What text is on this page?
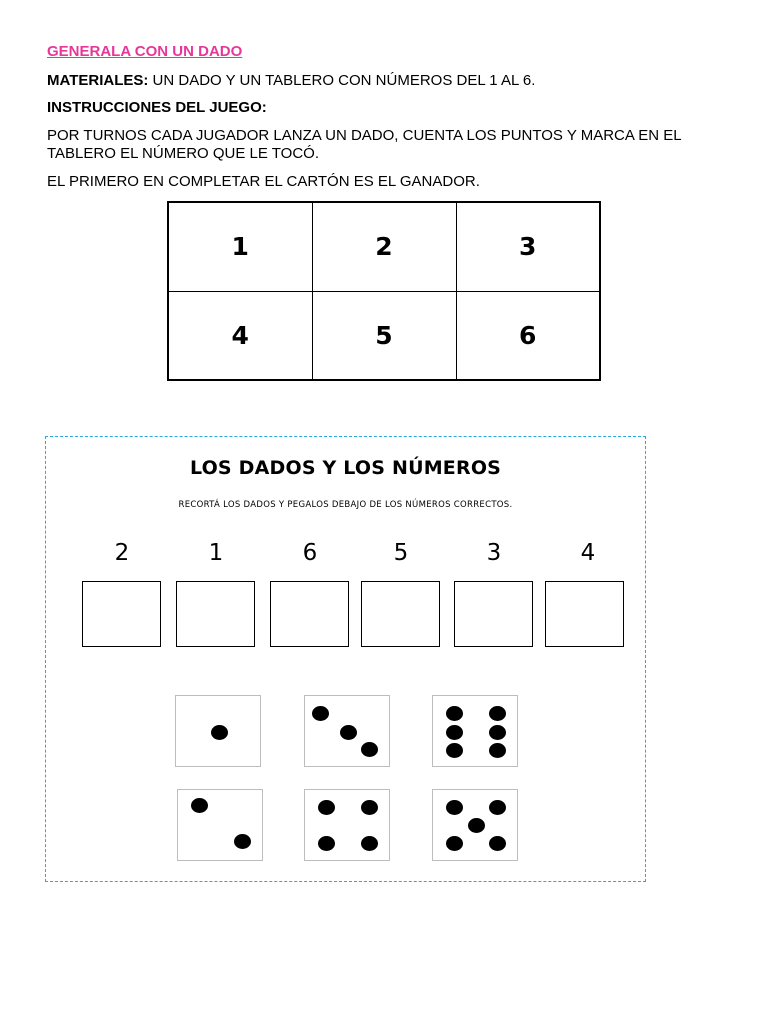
GENERALA CON UN DADO

MATERIALES: UN DADO Y UN TABLERO CON NÚMEROS DEL 1 AL 6.

INSTRUCCIONES DEL JUEGO:

POR TURNOS CADA JUGADOR LANZA UN DADO, CUENTA LOS PUNTOS Y MARCA EN EL TABLERO EL NÚMERO QUE LE TOCÓ.

EL PRIMERO EN COMPLETAR EL CARTÓN ES EL GANADOR.

1	2	3
4	5	6
LOS DADOS Y LOS NÚMEROS
RECORTÁ LOS DADOS Y PEGALOS DEBAJO DE LOS NÚMEROS CORRECTOS.
2	1	6	5	3	4
